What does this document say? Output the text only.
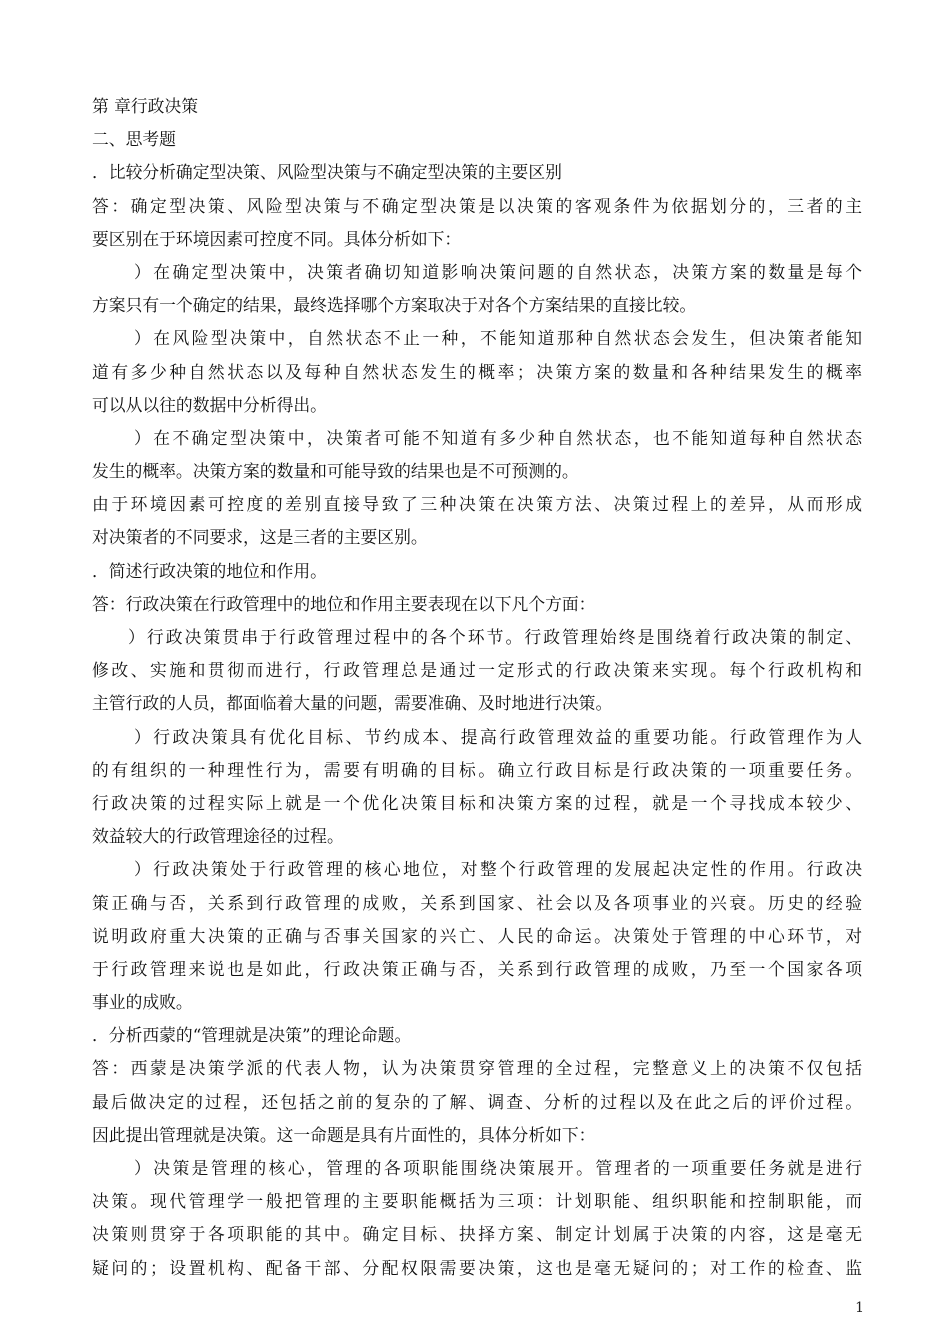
第 章行政决策
二、思考题
．比较分析确定型决策、风险型决策与不确定型决策的主要区别
答：确定型决策、风险型决策与不确定型决策是以决策的客观条件为依据划分的，三者的主
要区别在于环境因素可控度不同。具体分析如下：
）在确定型决策中，决策者确切知道影响决策问题的自然状态，决策方案的数量是每个
方案只有一个确定的结果，最终选择哪个方案取决于对各个方案结果的直接比较。
）在风险型决策中，自然状态不止一种，不能知道那种自然状态会发生，但决策者能知
道有多少种自然状态以及每种自然状态发生的概率；决策方案的数量和各种结果发生的概率
可以从以往的数据中分析得出。
）在不确定型决策中，决策者可能不知道有多少种自然状态，也不能知道每种自然状态
发生的概率。决策方案的数量和可能导致的结果也是不可预测的。
由于环境因素可控度的差别直接导致了三种决策在决策方法、决策过程上的差异，从而形成
对决策者的不同要求，这是三者的主要区别。
．简述行政决策的地位和作用。
答：行政决策在行政管理中的地位和作用主要表现在以下凡个方面：
）行政决策贯串于行政管理过程中的各个环节。行政管理始终是围绕着行政决策的制定、
修改、实施和贯彻而进行，行政管理总是通过一定形式的行政决策来实现。每个行政机构和
主管行政的人员，都面临着大量的问题，需要准确、及时地进行决策。
）行政决策具有优化目标、节约成本、提高行政管理效益的重要功能。行政管理作为人
的有组织的一种理性行为，需要有明确的目标。确立行政目标是行政决策的一项重要任务。
行政决策的过程实际上就是一个优化决策目标和决策方案的过程，就是一个寻找成本较少、
效益较大的行政管理途径的过程。
）行政决策处于行政管理的核心地位，对整个行政管理的发展起决定性的作用。行政决
策正确与否，关系到行政管理的成败，关系到国家、社会以及各项事业的兴衰。历史的经验
说明政府重大决策的正确与否事关国家的兴亡、人民的命运。决策处于管理的中心环节，对
于行政管理来说也是如此，行政决策正确与否，关系到行政管理的成败，乃至一个国家各项
事业的成败。
．分析西蒙的“管理就是决策”的理论命题。
答：西蒙是决策学派的代表人物，认为决策贯穿管理的全过程，完整意义上的决策不仅包括
最后做决定的过程，还包括之前的复杂的了解、调查、分析的过程以及在此之后的评价过程。
因此提出管理就是决策。这一命题是具有片面性的，具体分析如下：
）决策是管理的核心，管理的各项职能围绕决策展开。管理者的一项重要任务就是进行
决策。现代管理学一般把管理的主要职能概括为三项：计划职能、组织职能和控制职能，而
决策则贯穿于各项职能的其中。确定目标、抉择方案、制定计划属于决策的内容，这是毫无
疑问的；设置机构、配备干部、分配权限需要决策，这也是毫无疑问的；对工作的检查、监
1
